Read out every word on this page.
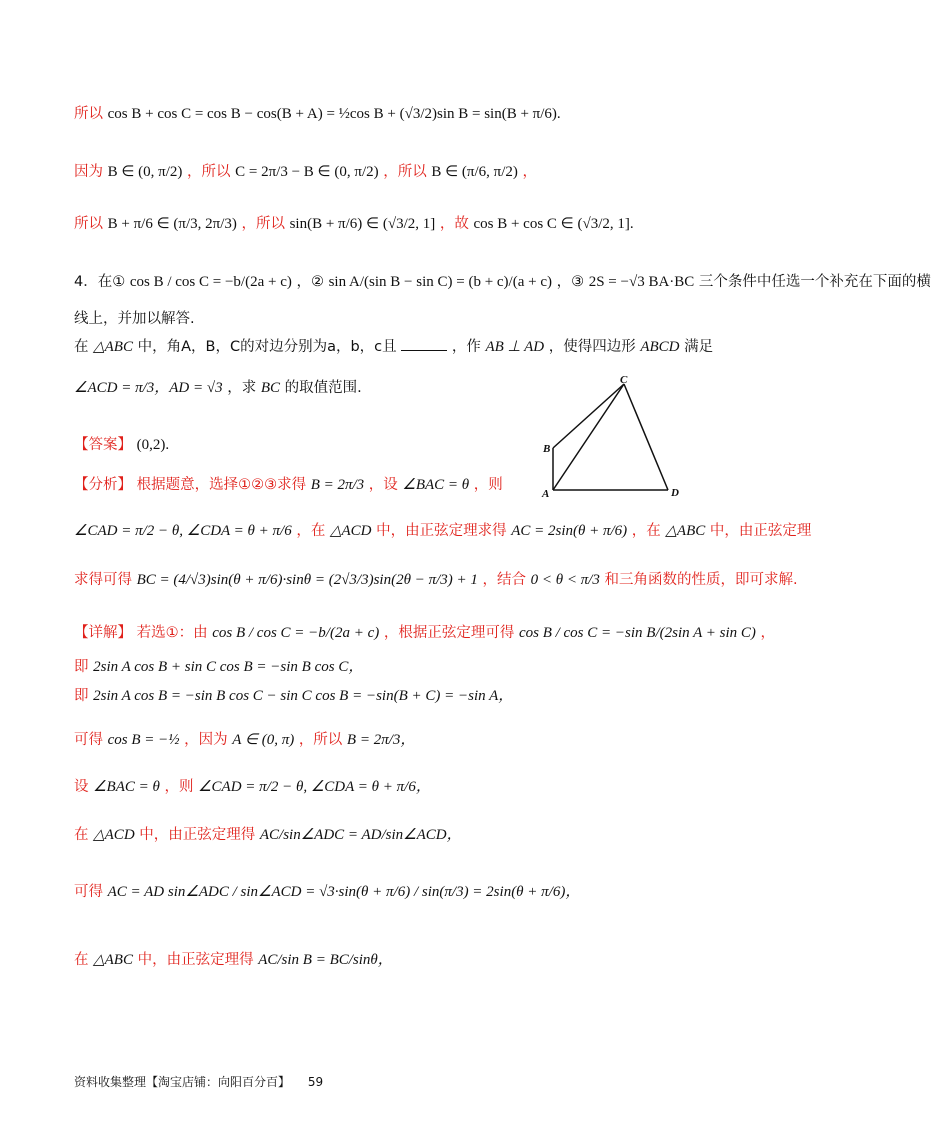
所以 cos B + cos C = cos B − cos(B + A) = ½cos B + (√3/2)sin B = sin(B + π/6).
因为 B ∈ (0, π/2) ，所以 C = 2π/3 − B ∈ (0, π/2) ，所以 B ∈ (π/6, π/2) ，
所以 B + π/6 ∈ (π/3, 2π/3) ，所以 sin(B + π/6) ∈ (√3/2, 1] ，故 cos B + cos C ∈ (√3/2, 1].
4．在① cos B / cos C = −b/(2a + c) ，② sin A/(sin B − sin C) = (b + c)/(a + c) ，③ 2S = −√3 BA·BC 三个条件中任选一个补充在下面的横
线上，并加以解答.
在 △ABC 中，角A，B，C的对边分别为a，b，c且	，作 AB ⊥ AD ，使得四边形 ABCD 满足
∠ACD = π/3，AD = √3 ，求 BC 的取值范围.
A
B
C
D
【答案】 (0,2).
【分析】 根据题意，选择①②③求得 B = 2π/3 ，设 ∠BAC = θ ，则
∠CAD = π/2 − θ, ∠CDA = θ + π/6 ，在 △ACD 中，由正弦定理求得 AC = 2sin(θ + π/6) ，在 △ABC 中，由正弦定理
求得可得 BC = (4/√3)sin(θ + π/6)·sinθ = (2√3/3)sin(2θ − π/3) + 1 ，结合 0 < θ < π/3 和三角函数的性质，即可求解.
【详解】 若选①：由 cos B / cos C = −b/(2a + c) ，根据正弦定理可得 cos B / cos C = −sin B/(2sin A + sin C) ，
即 2sin A cos B + sin C cos B = −sin B cos C，
即 2sin A cos B = −sin B cos C − sin C cos B = −sin(B + C) = −sin A，
可得 cos B = −½ ，因为 A ∈ (0, π) ，所以 B = 2π/3，
设 ∠BAC = θ ，则 ∠CAD = π/2 − θ, ∠CDA = θ + π/6，
在 △ACD 中，由正弦定理得 AC/sin∠ADC = AD/sin∠ACD，
可得 AC = AD sin∠ADC / sin∠ACD = √3·sin(θ + π/6) / sin(π/3) = 2sin(θ + π/6)，
在 △ABC 中，由正弦定理得 AC/sin B = BC/sinθ，
资料收集整理【淘宝店铺：向阳百分百】 59
